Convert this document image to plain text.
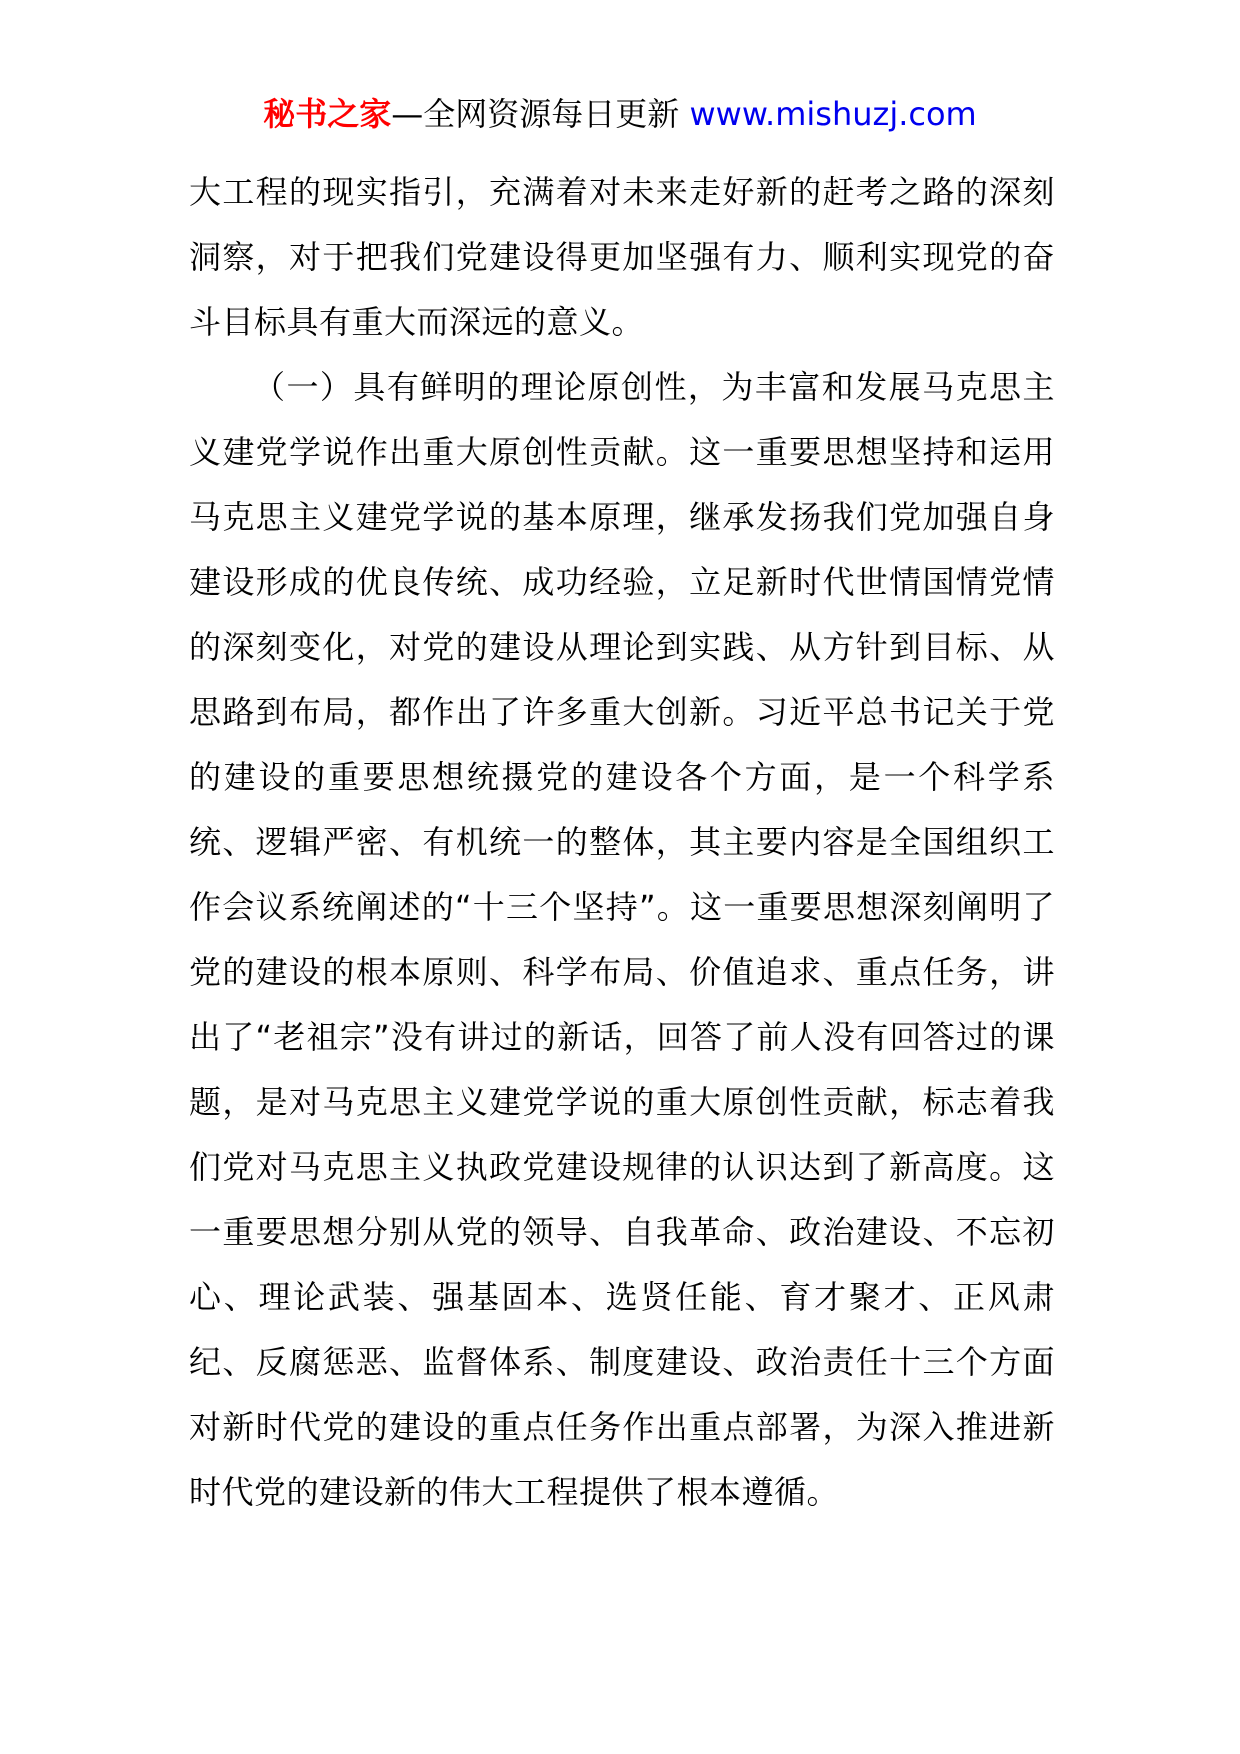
秘书之家—全网资源每日更新 www.mishuzj.com

大工程的现实指引，充满着对未来走好新的赶考之路的深刻洞察，对于把我们党建设得更加坚强有力、顺利实现党的奋斗目标具有重大而深远的意义。

（一）具有鲜明的理论原创性，为丰富和发展马克思主义建党学说作出重大原创性贡献。这一重要思想坚持和运用马克思主义建党学说的基本原理，继承发扬我们党加强自身建设形成的优良传统、成功经验，立足新时代世情国情党情的深刻变化，对党的建设从理论到实践、从方针到目标、从思路到布局，都作出了许多重大创新。习近平总书记关于党的建设的重要思想统摄党的建设各个方面，是一个科学系统、逻辑严密、有机统一的整体，其主要内容是全国组织工作会议系统阐述的“十三个坚持”。这一重要思想深刻阐明了党的建设的根本原则、科学布局、价值追求、重点任务，讲出了“老祖宗”没有讲过的新话，回答了前人没有回答过的课题，是对马克思主义建党学说的重大原创性贡献，标志着我们党对马克思主义执政党建设规律的认识达到了新高度。这一重要思想分别从党的领导、自我革命、政治建设、不忘初心、理论武装、强基固本、选贤任能、育才聚才、正风肃纪、反腐惩恶、监督体系、制度建设、政治责任十三个方面对新时代党的建设的重点任务作出重点部署，为深入推进新时代党的建设新的伟大工程提供了根本遵循。
